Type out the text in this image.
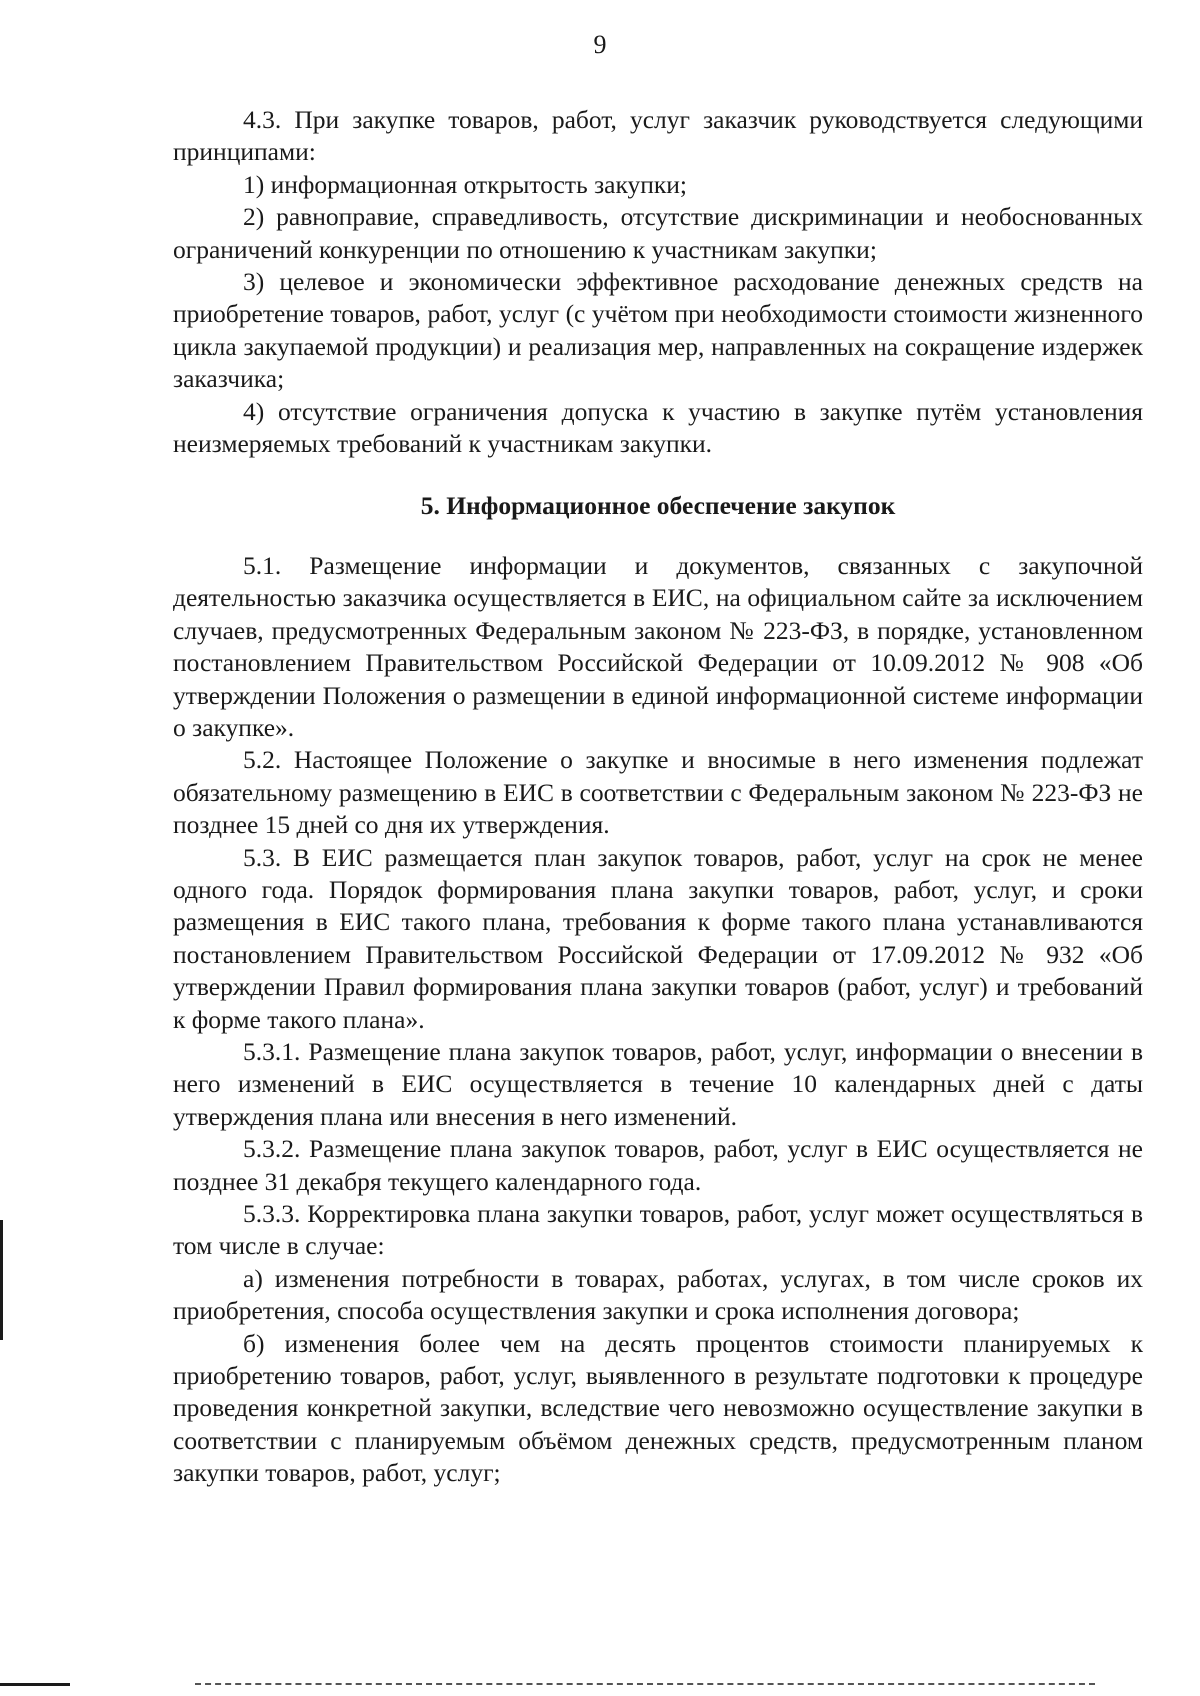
9

4.3. При закупке товаров, работ, услуг заказчик руководствуется следующими принципами:

1) информационная открытость закупки;

2) равноправие, справедливость, отсутствие дискриминации и необоснованных ограничений конкуренции по отношению к участникам закупки;

3) целевое и экономически эффективное расходование денежных средств на приобретение товаров, работ, услуг (с учётом при необходимости стоимости жизненного цикла закупаемой продукции) и реализация мер, направленных на сокращение издержек заказчика;

4) отсутствие ограничения допуска к участию в закупке путём установления неизмеряемых требований к участникам закупки.

5. Информационное обеспечение закупок

5.1. Размещение информации и документов, связанных с закупочной деятельностью заказчика осуществляется в ЕИС, на официальном сайте за исключением случаев, предусмотренных Федеральным законом № 223-ФЗ, в порядке, установленном постановлением Правительством Российской Федерации от 10.09.2012 № 908 «Об утверждении Положения о размещении в единой информационной системе информации о закупке».

5.2. Настоящее Положение о закупке и вносимые в него изменения подлежат обязательному размещению в ЕИС в соответствии с Федеральным законом № 223-ФЗ не позднее 15 дней со дня их утверждения.

5.3. В ЕИС размещается план закупок товаров, работ, услуг на срок не менее одного года. Порядок формирования плана закупки товаров, работ, услуг, и сроки размещения в ЕИС такого плана, требования к форме такого плана устанавливаются постановлением Правительством Российской Федерации от 17.09.2012 № 932 «Об утверждении Правил формирования плана закупки товаров (работ, услуг) и требований к форме такого плана».

5.3.1. Размещение плана закупок товаров, работ, услуг, информации о внесении в него изменений в ЕИС осуществляется в течение 10 календарных дней с даты утверждения плана или внесения в него изменений.

5.3.2. Размещение плана закупок товаров, работ, услуг в ЕИС осуществляется не позднее 31 декабря текущего календарного года.

5.3.3. Корректировка плана закупки товаров, работ, услуг может осуществляться в том числе в случае:

а) изменения потребности в товарах, работах, услугах, в том числе сроков их приобретения, способа осуществления закупки и срока исполнения договора;

б) изменения более чем на десять процентов стоимости планируемых к приобретению товаров, работ, услуг, выявленного в результате подготовки к процедуре проведения конкретной закупки, вследствие чего невозможно осуществление закупки в соответствии с планируемым объёмом денежных средств, предусмотренным планом закупки товаров, работ, услуг;
